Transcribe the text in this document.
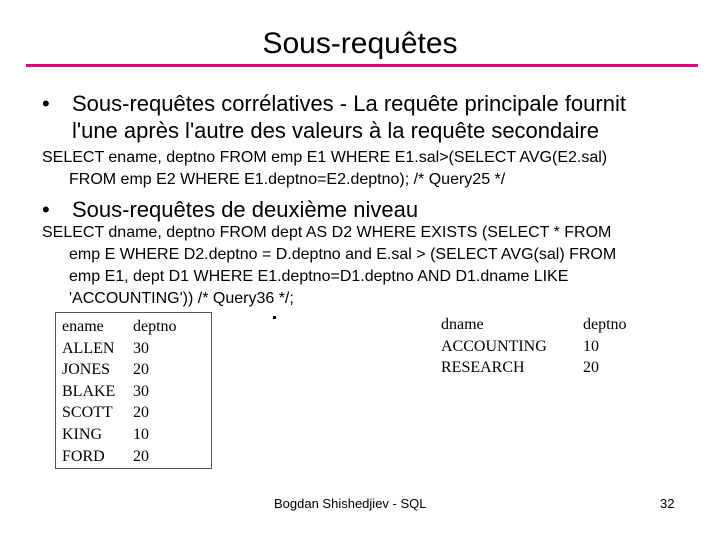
Sous-requêtes
• Sous-requêtes corrélatives - La requête principale fournit
l'une après l'autre des valeurs à la requête secondaire
SELECT ename, deptno FROM emp E1 WHERE E1.sal>(SELECT AVG(E2.sal)
FROM emp E2 WHERE E1.deptno=E2.deptno); /* Query25 */
• Sous-requêtes de deuxième niveau
SELECT dname, deptno FROM dept AS D2 WHERE EXISTS (SELECT * FROM
emp E WHERE D2.deptno = D.deptno and E.sal > (SELECT AVG(sal) FROM
emp E1, dept D1 WHERE E1.deptno=D1.deptno AND D1.dname LIKE
'ACCOUNTING')) /* Query36 */;
ename	deptno
ALLEN	30
JONES	20
BLAKE	30
SCOTT	20
KING	10
FORD	20
dname	deptno
ACCOUNTING	10
RESEARCH	20
Bogdan Shishedjiev - SQL	32
